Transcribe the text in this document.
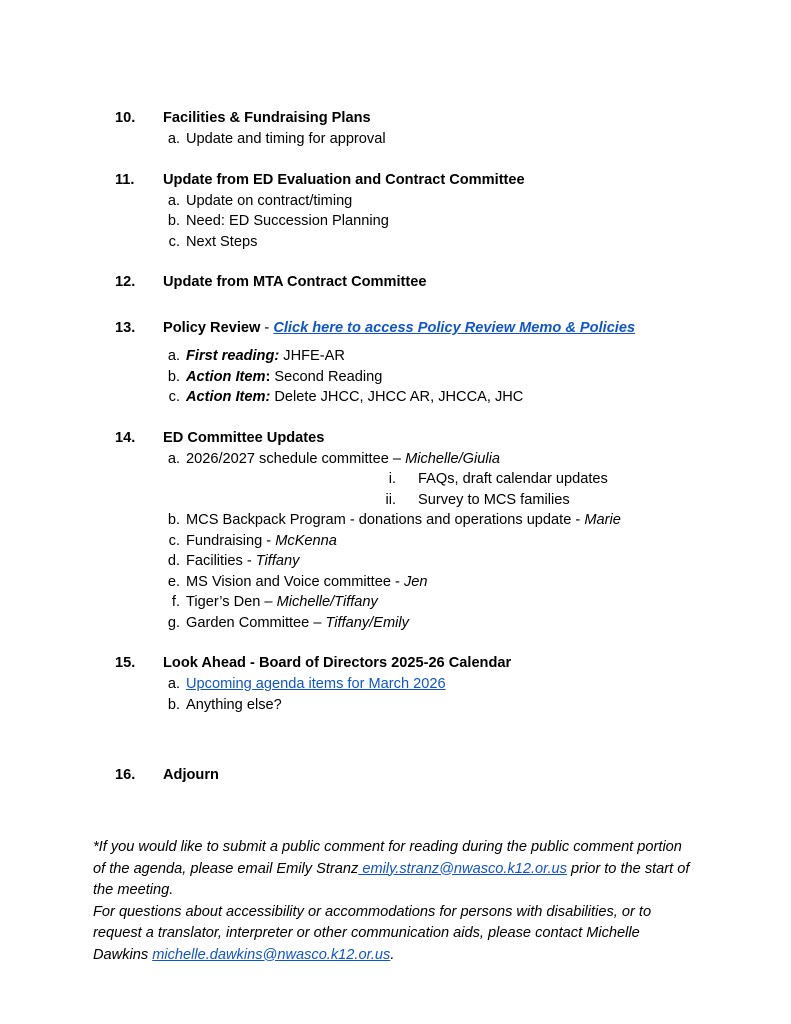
10.	Facilities & Fundraising Plans
a. Update and timing for approval
11.	Update from ED Evaluation and Contract Committee
a. Update on contract/timing
b. Need: ED Succession Planning
c. Next Steps
12.	Update from MTA Contract Committee
13.	Policy Review - Click here to access Policy Review Memo & Policies
a. First reading: JHFE-AR
b. Action Item: Second Reading
c. Action Item: Delete JHCC, JHCC AR, JHCCA, JHC
14.	ED Committee Updates
a. 2026/2027 schedule committee – Michelle/Giulia
i. FAQs, draft calendar updates
ii. Survey to MCS families
b. MCS Backpack Program - donations and operations update - Marie
c. Fundraising - McKenna
d. Facilities - Tiffany
e. MS Vision and Voice committee - Jen
f. Tiger’s Den – Michelle/Tiffany
g. Garden Committee – Tiffany/Emily
15.	Look Ahead - Board of Directors 2025-26 Calendar
a. Upcoming agenda items for March 2026
b. Anything else?
16.	Adjourn

*If you would like to submit a public comment for reading during the public comment portion of the agenda, please email Emily Stranz emily.stranz@nwasco.k12.or.us prior to the start of the meeting.

For questions about accessibility or accommodations for persons with disabilities, or to request a translator, interpreter or other communication aids, please contact Michelle Dawkins michelle.dawkins@nwasco.k12.or.us.
